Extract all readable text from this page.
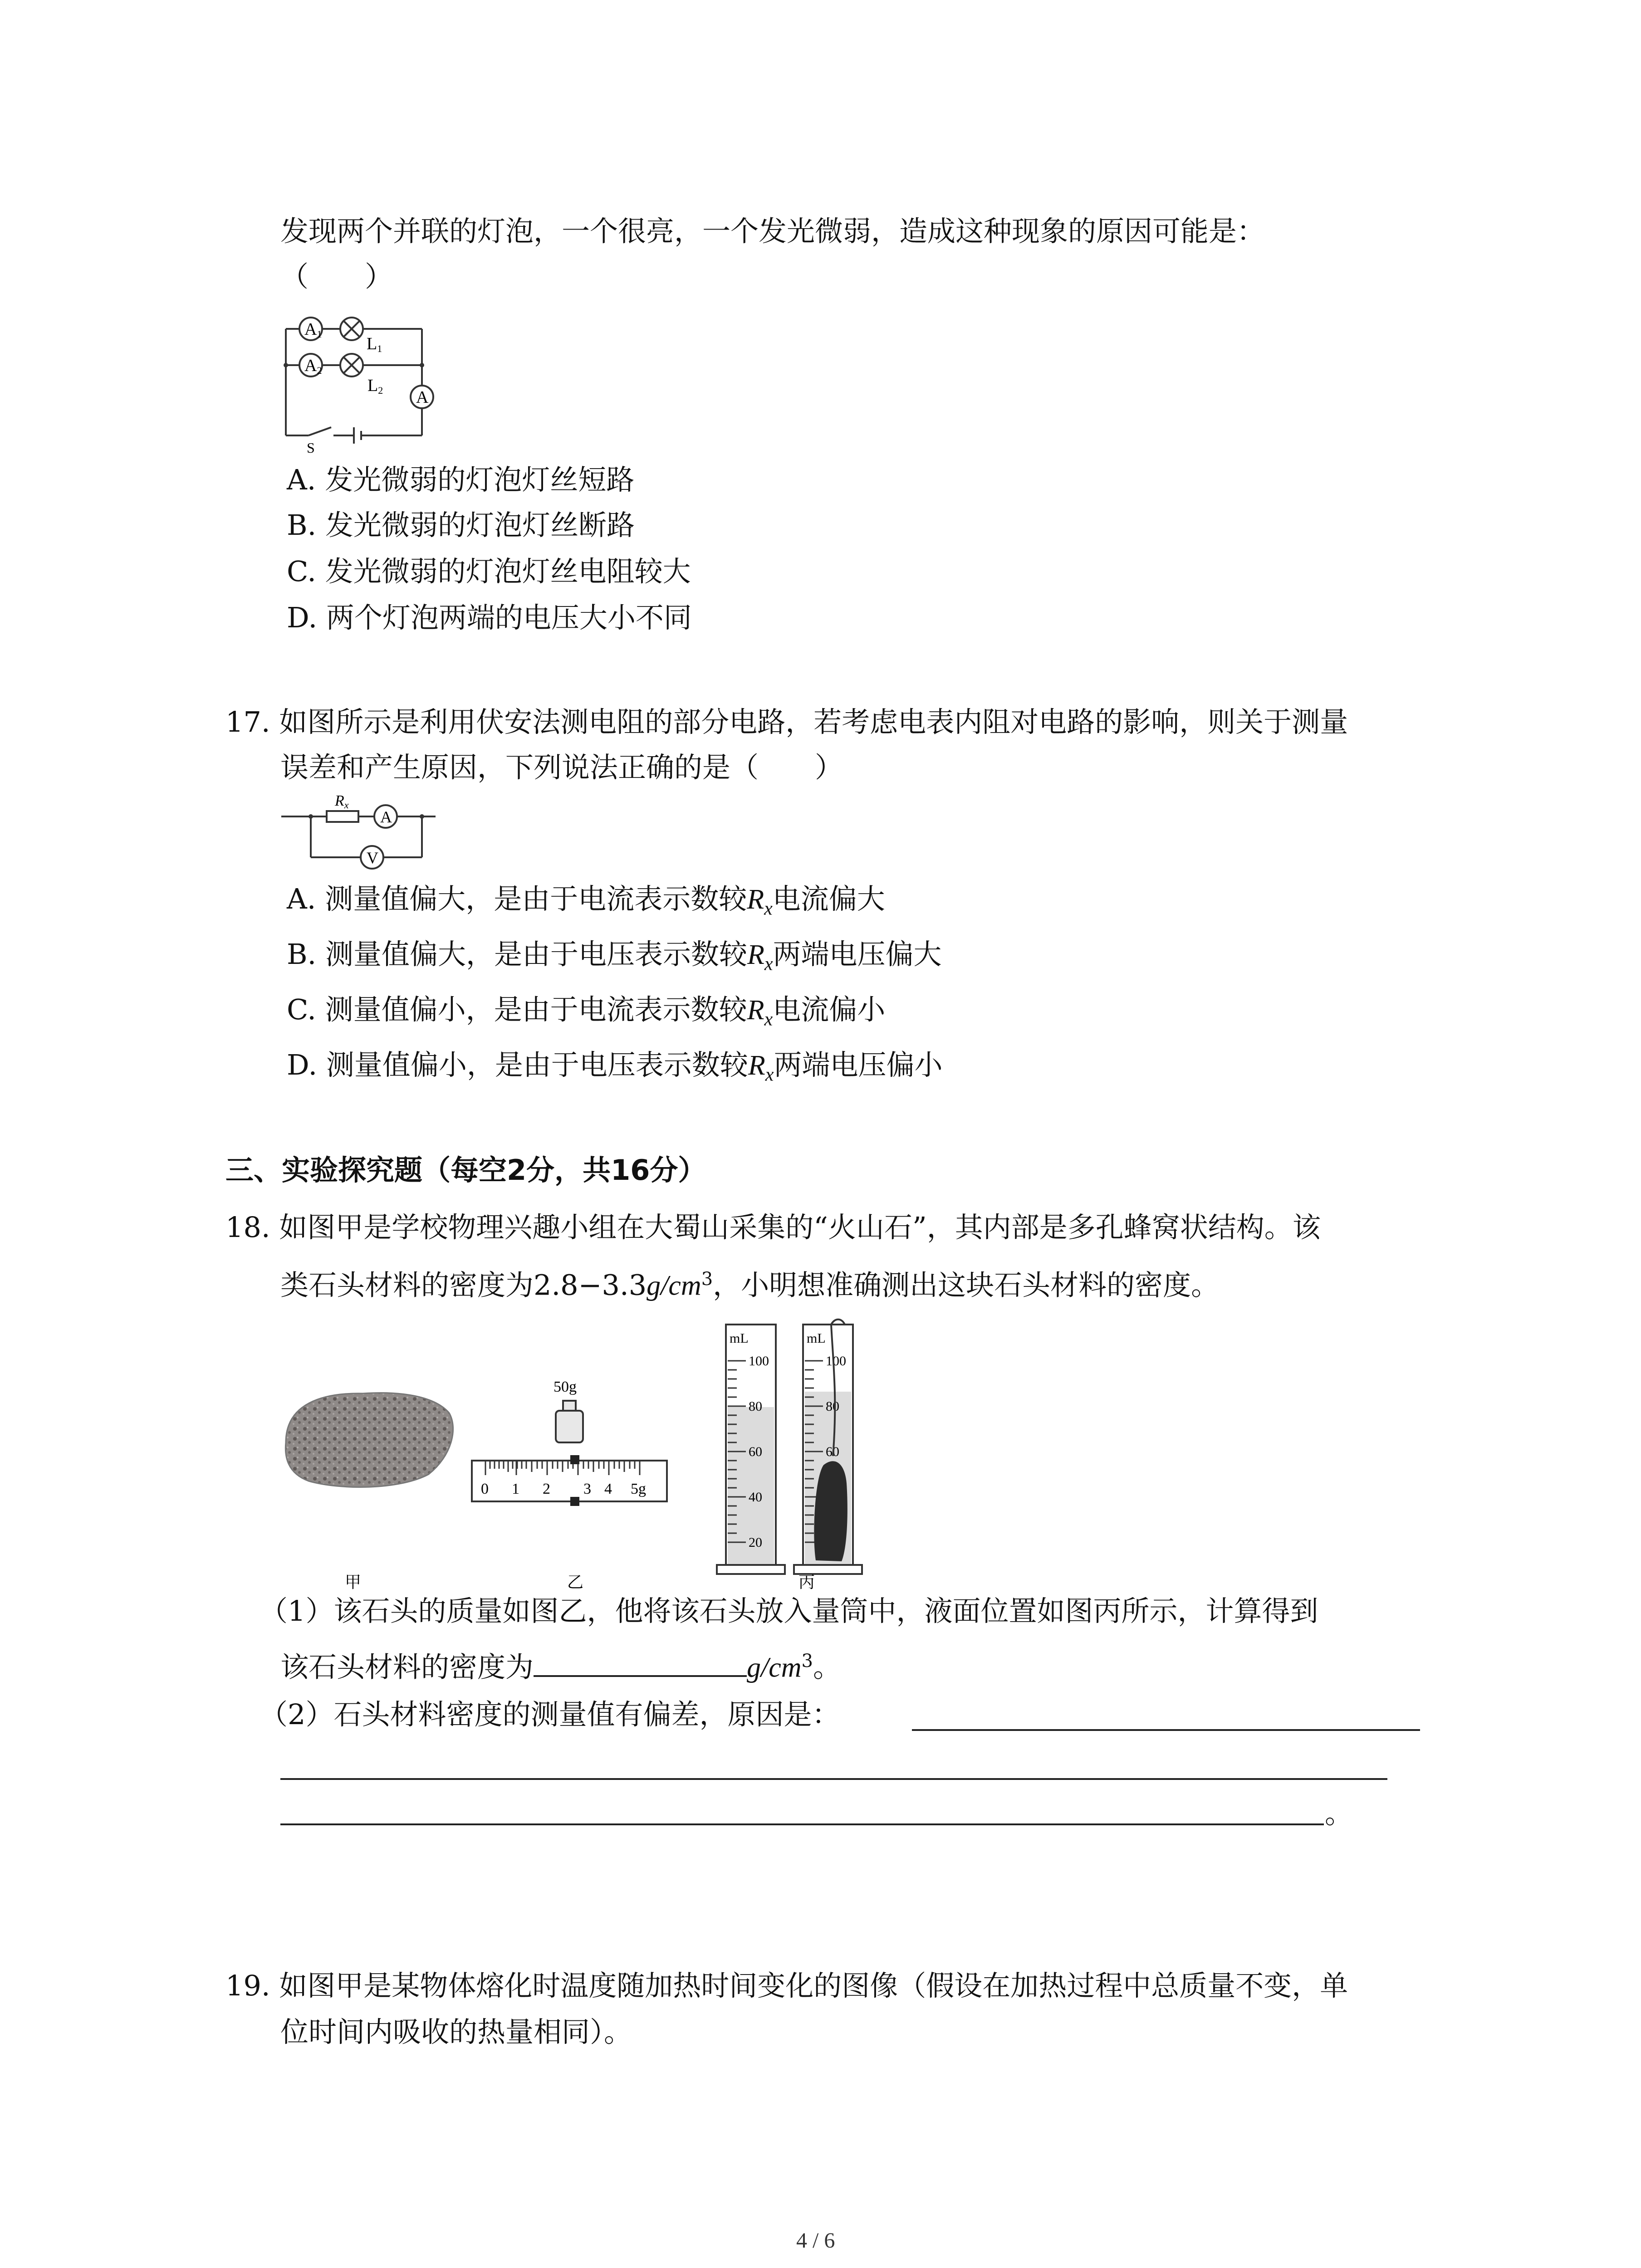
发现两个并联的灯泡，一个很亮，一个发光微弱，造成这种现象的原因可能是：
（　　）
A1
A2
A
L1
L2
S
A. 发光微弱的灯泡灯丝短路
B. 发光微弱的灯泡灯丝断路
C. 发光微弱的灯泡灯丝电阻较大
D. 两个灯泡两端的电压大小不同
17. 如图所示是利用伏安法测电阻的部分电路，若考虑电表内阻对电路的影响，则关于测量
误差和产生原因，下列说法正确的是（　　）
Rx
A
V
A. 测量值偏大，是由于电流表示数较$R_x$电流偏大
B. 测量值偏大，是由于电压表示数较$R_x$两端电压偏大
C. 测量值偏小，是由于电流表示数较$R_x$电流偏小
D. 测量值偏小，是由于电压表示数较$R_x$两端电压偏小
三、实验探究题（每空2分，共16分）
18. 如图甲是学校物理兴趣小组在大蜀山采集的“火山石”，其内部是多孔蜂窝状结构。该
类石头材料的密度为$2.8-3.3g/cm^3$，小明想准确测出这块石头材料的密度。
50g
0 1 2 3 4 5g
mL
100
80
60
40
20
mL
100
80
60
甲	乙	丙
（1）该石头的质量如图乙，他将该石头放入量筒中，液面位置如图丙所示，计算得到
该石头材料的密度为	$g/cm^3$。
（2）石头材料密度的测量值有偏差，原因是：
。
19. 如图甲是某物体熔化时温度随加热时间变化的图像（假设在加热过程中总质量不变，单
位时间内吸收的热量相同）。
4 / 6
